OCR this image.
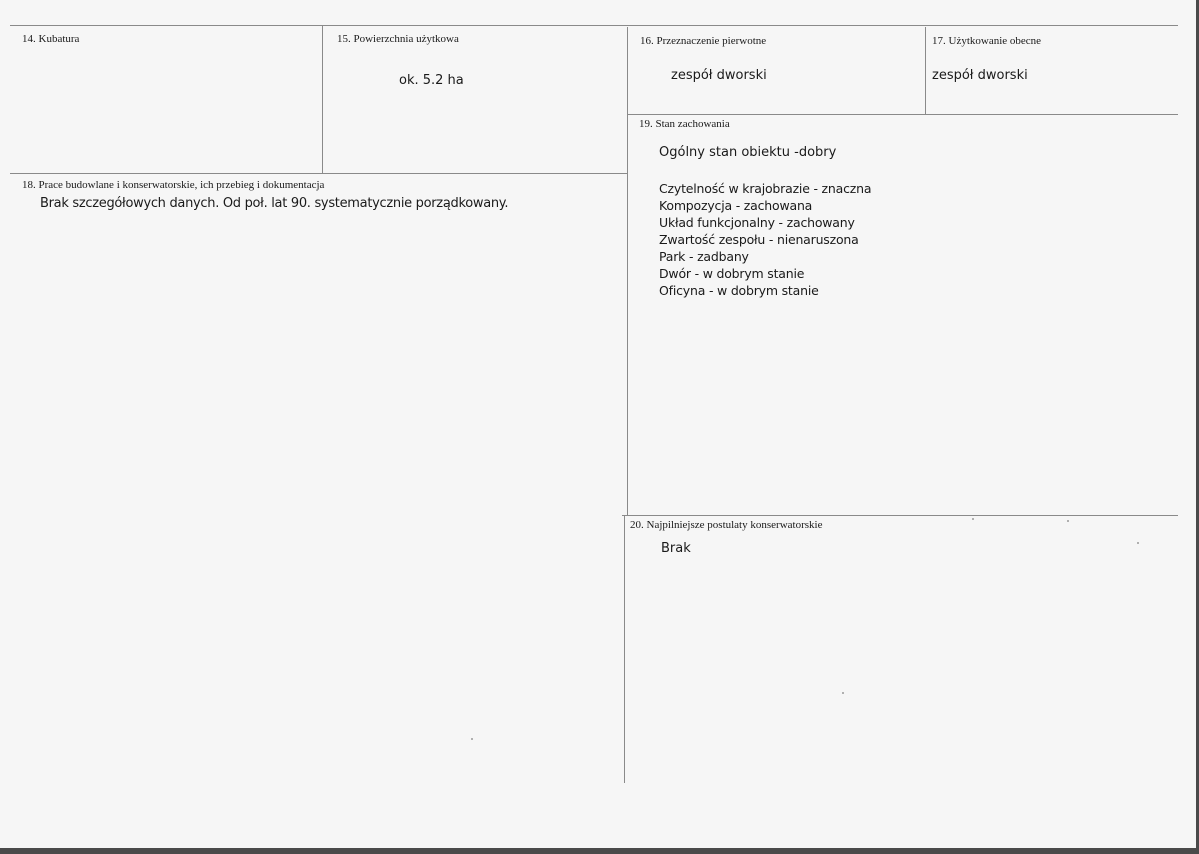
14. Kubatura	15. Powierzchnia użytkowa
ok. 5.2 ha
16. Przeznaczenie pierwotne
zespół dworski
17. Użytkowanie obecne
zespół dworski
19. Stan zachowania
Ogólny stan obiektu -dobry
Czytelność w krajobrazie - znaczna
Kompozycja - zachowana
Układ funkcjonalny - zachowany
Zwartość zespołu - nienaruszona
Park - zadbany
Dwór - w dobrym stanie
Oficyna - w dobrym stanie
18. Prace budowlane i konserwatorskie, ich przebieg i dokumentacja
Brak szczegółowych danych. Od poł. lat 90. systematycznie porządkowany.
20. Najpilniejsze postulaty konserwatorskie
Brak
